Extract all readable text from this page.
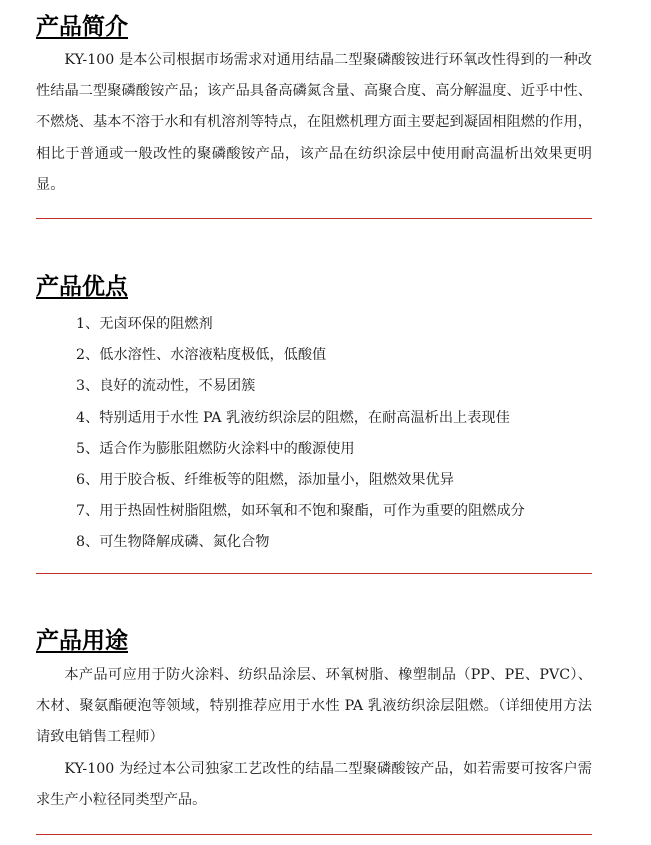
产品简介

KY-100 是本公司根据市场需求对通用结晶二型聚磷酸铵进行环氧改性得到的一种改性结晶二型聚磷酸铵产品；该产品具备高磷氮含量、高聚合度、高分解温度、近乎中性、不燃烧、基本不溶于水和有机溶剂等特点，在阻燃机理方面主要起到凝固相阻燃的作用，相比于普通或一般改性的聚磷酸铵产品，该产品在纺织涂层中使用耐高温析出效果更明显。

产品优点
1、无卤环保的阻燃剂
2、低水溶性、水溶液粘度极低，低酸值
3、良好的流动性，不易团簇
4、特别适用于水性 PA 乳液纺织涂层的阻燃，在耐高温析出上表现佳
5、适合作为膨胀阻燃防火涂料中的酸源使用
6、用于胶合板、纤维板等的阻燃，添加量小，阻燃效果优异
7、用于热固性树脂阻燃，如环氧和不饱和聚酯，可作为重要的阻燃成分
8、可生物降解成磷、氮化合物
产品用途

本产品可应用于防火涂料、纺织品涂层、环氧树脂、橡塑制品（PP、PE、PVC）、木材、聚氨酯硬泡等领域，特别推荐应用于水性 PA 乳液纺织涂层阻燃。（详细使用方法请致电销售工程师）

KY-100 为经过本公司独家工艺改性的结晶二型聚磷酸铵产品，如若需要可按客户需求生产小粒径同类型产品。
